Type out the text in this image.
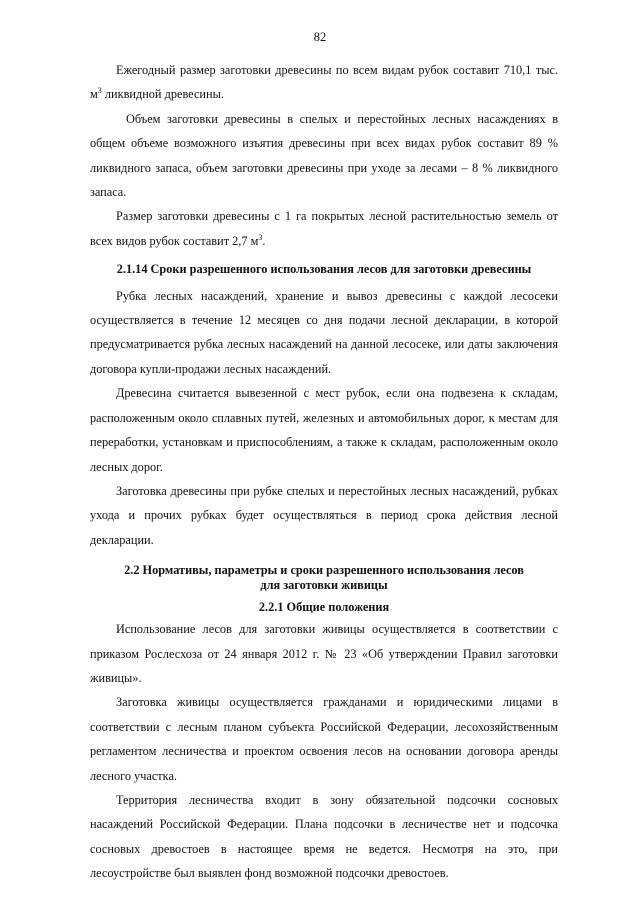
82

Ежегодный размер заготовки древесины по всем видам рубок составит 710,1 тыс. $м^3$ ликвидной древесины.

Объем заготовки древесины в спелых и перестойных лесных насаждениях в общем объеме возможного изъятия древесины при всех видах рубок составит 89 % ликвидного запаса, объем заготовки древесины при уходе за лесами – 8 % ликвидного запаса.

Размер заготовки древесины с 1 га покрытых лесной растительностью земель от всех видов рубок составит 2,7 $м^3$.

2.1.14 Сроки разрешенного использования лесов для заготовки древесины

Рубка лесных насаждений, хранение и вывоз древесины с каждой лесосеки осуществляется в течение 12 месяцев со дня подачи лесной декларации, в которой предусматривается рубка лесных насаждений на данной лесосеке, или даты заключения договора купли-продажи лесных насаждений.

Древесина считается вывезенной с мест рубок, если она подвезена к складам, расположенным около сплавных путей, железных и автомобильных дорог, к местам для переработки, установкам и приспособлениям, а также к складам, расположенным около лесных дорог.

Заготовка древесины при рубке спелых и перестойных лесных насаждений, рубках ухода и прочих рубках будет осуществляться в период срока действия лесной декларации.

2.2 Нормативы, параметры и сроки разрешенного использования лесов
для заготовки живицы

2.2.1 Общие положения

Использование лесов для заготовки живицы осуществляется в соответствии с приказом Рослесхоза от 24 января 2012 г. № 23 «Об утверждении Правил заготовки живицы».

Заготовка живицы осуществляется гражданами и юридическими лицами в соответствии с лесным планом субъекта Российской Федерации, лесохозяйственным регламентом лесничества и проектом освоения лесов на основании договора аренды лесного участка.

Территория лесничества входит в зону обязательной подсочки сосновых насаждений Российской Федерации. Плана подсочки в лесничестве нет и подсочка сосновых древостоев в настоящее время не ведется. Несмотря на это, при лесоустройстве был выявлен фонд возможной подсочки древостоев.
